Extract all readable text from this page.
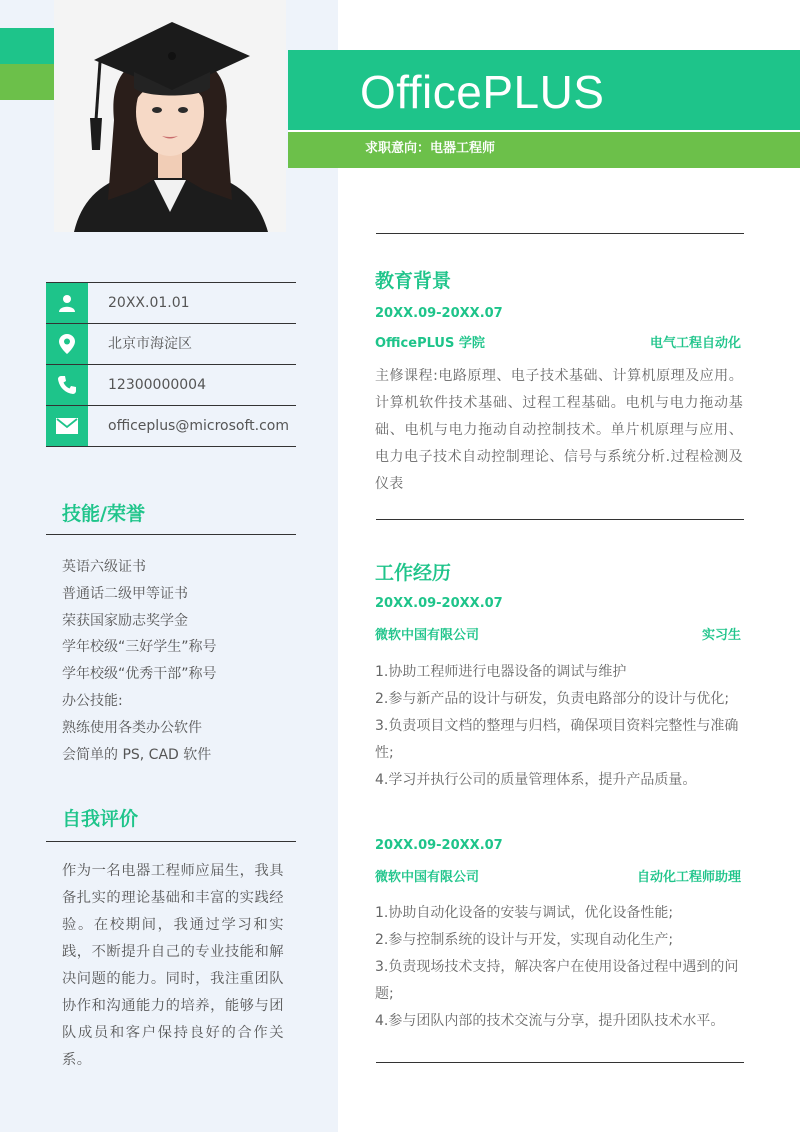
OfficePLUS
求职意向：电器工程师
20XX.01.01
北京市海淀区
12300000004
officeplus@microsoft.com
技能/荣誉
英语六级证书
普通话二级甲等证书
荣获国家励志奖学金
学年校级“三好学生”称号
学年校级“优秀干部”称号
办公技能:
熟练使用各类办公软件
会简单的 PS, CAD 软件
自我评价
作为一名电器工程师应届生，我具备扎实的理论基础和丰富的实践经验。在校期间，我通过学习和实践，不断提升自己的专业技能和解决问题的能力。同时，我注重团队协作和沟通能力的培养，能够与团队成员和客户保持良好的合作关系。
教育背景
20XX.09-20XX.07
OfficePLUS 学院	电气工程自动化
主修课程:电路原理、电子技术基础、计算机原理及应用。计算机软件技术基础、过程工程基础。电机与电力拖动基础、电机与电力拖动自动控制技术。单片机原理与应用、电力电子技术自动控制理论、信号与系统分析.过程检测及仪表
工作经历
20XX.09-20XX.07
微软中国有限公司	实习生
1.协助工程师进行电器设备的调试与维护
2.参与新产品的设计与研发，负责电路部分的设计与优化;
3.负责项目文档的整理与归档，确保项目资料完整性与准确性;
4.学习并执行公司的质量管理体系，提升产品质量。
20XX.09-20XX.07
微软中国有限公司	自动化工程师助理
1.协助自动化设备的安装与调试，优化设备性能;
2.参与控制系统的设计与开发，实现自动化生产;
3.负责现场技术支持，解决客户在使用设备过程中遇到的问题;
4.参与团队内部的技术交流与分享，提升团队技术水平。
